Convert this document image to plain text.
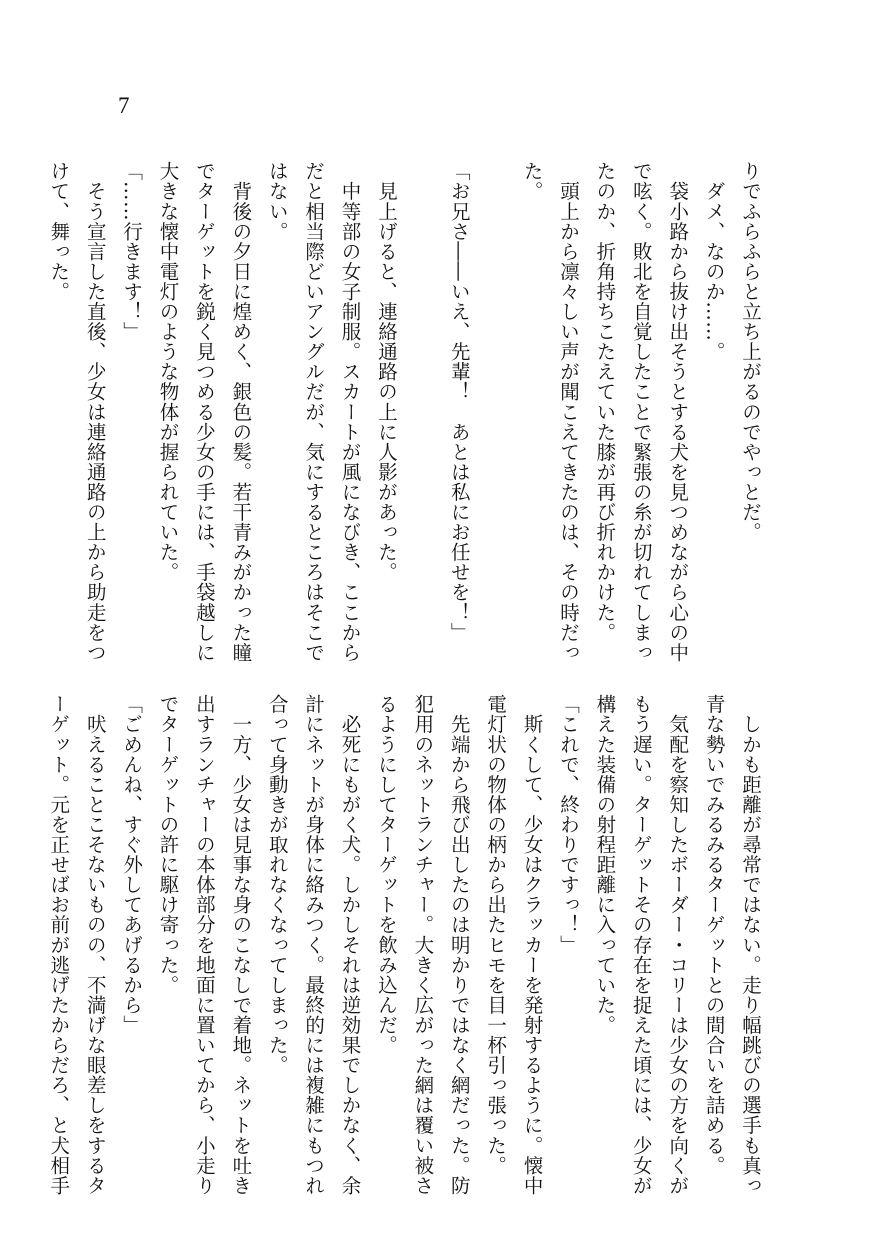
7
りでふらふらと立ち上がるのでやっとだ。
　ダメ、なのか……。
　袋小路から抜け出そうとする犬を見つめながら心の中
で呟く。敗北を自覚したことで緊張の糸が切れてしまっ
たのか、折角持ちこたえていた膝が再び折れかけた。
　頭上から凛々しい声が聞こえてきたのは、その時だっ
た。

「お兄さ――いえ、先輩！　あとは私にお任せを！」

　見上げると、連絡通路の上に人影があった。
　中等部の女子制服。スカートが風になびき、ここから
だと相当際どいアングルだが、気にするところはそこで
はない。
　背後の夕日に煌めく、銀色の髪。若干青みがかった瞳
でターゲットを鋭く見つめる少女の手には、手袋越しに
大きな懐中電灯のような物体が握られていた。
「……行きます！」
　そう宣言した直後、少女は連絡通路の上から助走をつ
けて、舞った。
　しかも距離が尋常ではない。走り幅跳びの選手も真っ
青な勢いでみるみるターゲットとの間合いを詰める。
　気配を察知したボーダー・コリーは少女の方を向くが
もう遅い。ターゲットその存在を捉えた頃には、少女が
構えた装備の射程距離に入っていた。
「これで、終わりですっ！」
　斯くして、少女はクラッカーを発射するように。懐中
電灯状の物体の柄から出たヒモを目一杯引っ張った。
　先端から飛び出したのは明かりではなく網だった。防
犯用のネットランチャー。大きく広がった網は覆い被さ
るようにしてターゲットを飲み込んだ。
　必死にもがく犬。しかしそれは逆効果でしかなく、余
計にネットが身体に絡みつく。最終的には複雑にもつれ
合って身動きが取れなくなってしまった。
　一方、少女は見事な身のこなしで着地。ネットを吐き
出すランチャーの本体部分を地面に置いてから、小走り
でターゲットの許に駆け寄った。
「ごめんね、すぐ外してあげるから」
　吠えることこそないものの、不満げな眼差しをするタ
ーゲット。元を正せばお前が逃げたからだろ、と犬相手
